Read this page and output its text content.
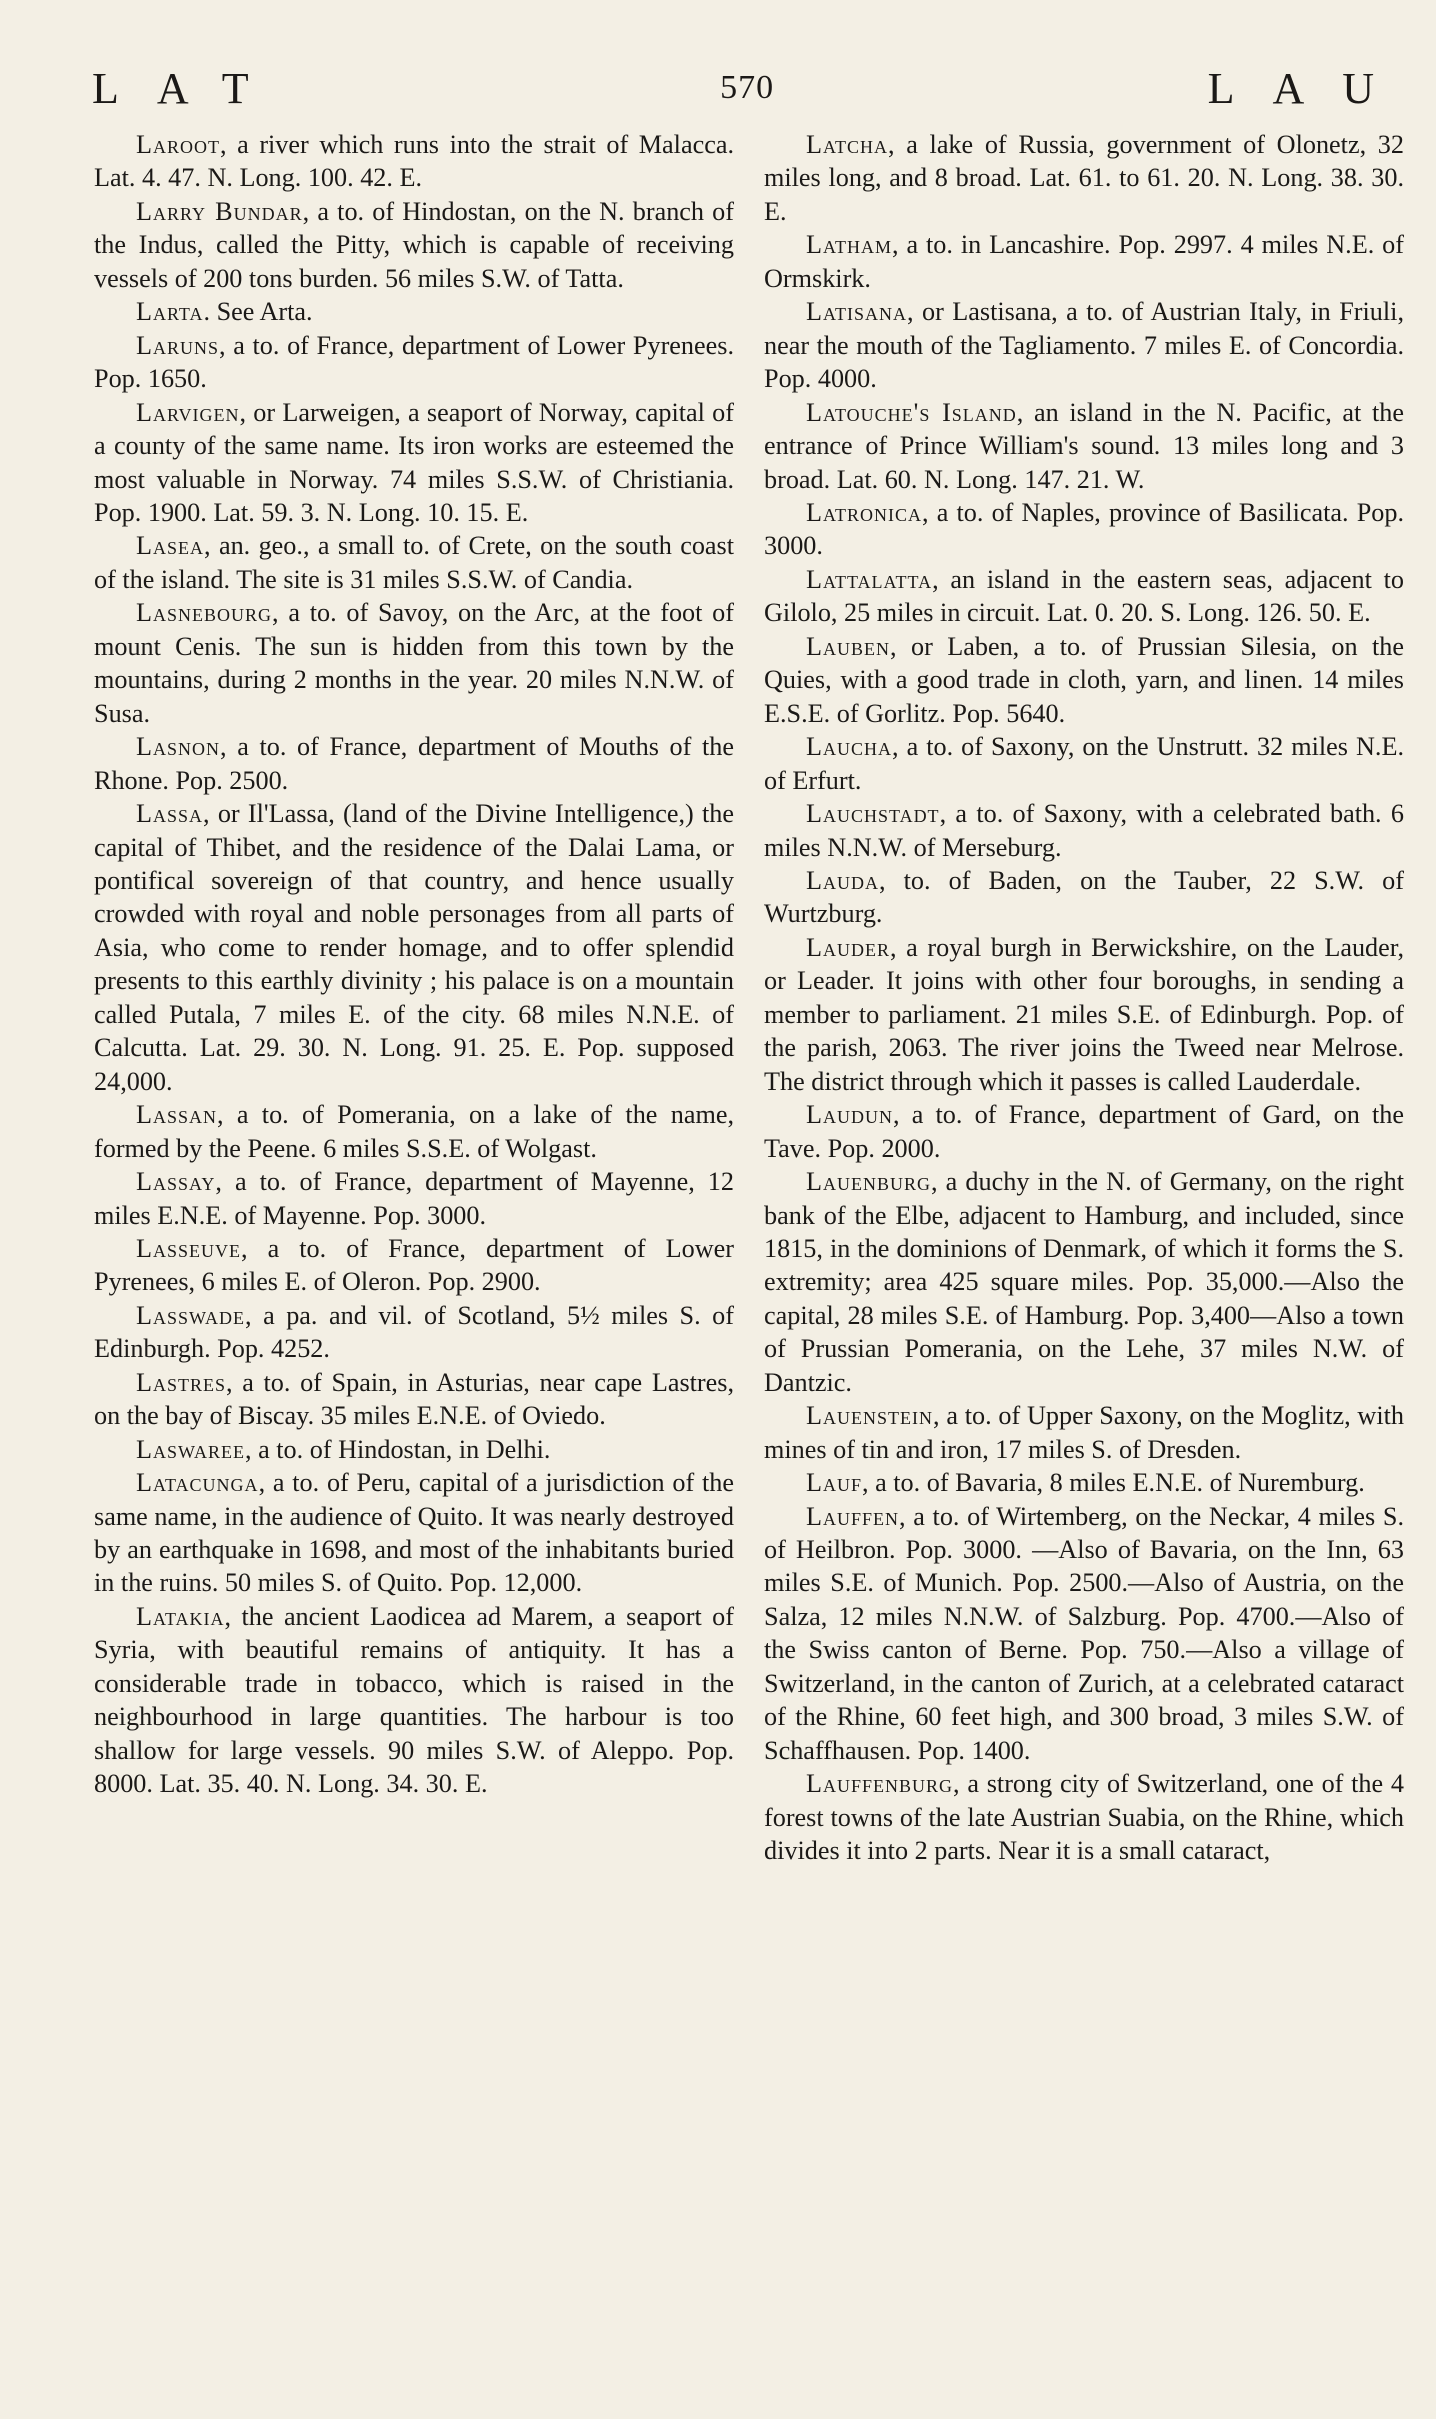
LAT	570	LAU

Laroot, a river which runs into the strait of Malacca. Lat. 4. 47. N. Long. 100. 42. E.

Larry Bundar, a to. of Hindostan, on the N. branch of the Indus, called the Pitty, which is capable of receiving vessels of 200 tons burden. 56 miles S.W. of Tatta.

Larta. See Arta.

Laruns, a to. of France, department of Lower Pyrenees. Pop. 1650.

Larvigen, or Larweigen, a seaport of Norway, capital of a county of the same name. Its iron works are esteemed the most valuable in Norway. 74 miles S.S.W. of Christiania. Pop. 1900. Lat. 59. 3. N. Long. 10. 15. E.

Lasea, an. geo., a small to. of Crete, on the south coast of the island. The site is 31 miles S.S.W. of Candia.

Lasnebourg, a to. of Savoy, on the Arc, at the foot of mount Cenis. The sun is hidden from this town by the mountains, during 2 months in the year. 20 miles N.N.W. of Susa.

Lasnon, a to. of France, department of Mouths of the Rhone. Pop. 2500.

Lassa, or Il'Lassa, (land of the Divine Intelligence,) the capital of Thibet, and the residence of the Dalai Lama, or pontifical sovereign of that country, and hence usually crowded with royal and noble personages from all parts of Asia, who come to render homage, and to offer splendid presents to this earthly divinity ; his palace is on a mountain called Putala, 7 miles E. of the city. 68 miles N.N.E. of Calcutta. Lat. 29. 30. N. Long. 91. 25. E. Pop. supposed 24,000.

Lassan, a to. of Pomerania, on a lake of the name, formed by the Peene. 6 miles S.S.E. of Wolgast.

Lassay, a to. of France, department of Mayenne, 12 miles E.N.E. of Mayenne. Pop. 3000.

Lasseuve, a to. of France, department of Lower Pyrenees, 6 miles E. of Oleron. Pop. 2900.

Lasswade, a pa. and vil. of Scotland, 5½ miles S. of Edinburgh. Pop. 4252.

Lastres, a to. of Spain, in Asturias, near cape Lastres, on the bay of Biscay. 35 miles E.N.E. of Oviedo.

Laswaree, a to. of Hindostan, in Delhi.

Latacunga, a to. of Peru, capital of a jurisdiction of the same name, in the audience of Quito. It was nearly destroyed by an earthquake in 1698, and most of the inhabitants buried in the ruins. 50 miles S. of Quito. Pop. 12,000.

Latakia, the ancient Laodicea ad Marem, a seaport of Syria, with beautiful remains of antiquity. It has a considerable trade in tobacco, which is raised in the neighbourhood in large quantities. The harbour is too shallow for large vessels. 90 miles S.W. of Aleppo. Pop. 8000. Lat. 35. 40. N. Long. 34. 30. E.

Latcha, a lake of Russia, government of Olonetz, 32 miles long, and 8 broad. Lat. 61. to 61. 20. N. Long. 38. 30. E.

Latham, a to. in Lancashire. Pop. 2997. 4 miles N.E. of Ormskirk.

Latisana, or Lastisana, a to. of Austrian Italy, in Friuli, near the mouth of the Tagliamento. 7 miles E. of Concordia. Pop. 4000.

Latouche's Island, an island in the N. Pacific, at the entrance of Prince William's sound. 13 miles long and 3 broad. Lat. 60. N. Long. 147. 21. W.

Latronica, a to. of Naples, province of Basilicata. Pop. 3000.

Lattalatta, an island in the eastern seas, adjacent to Gilolo, 25 miles in circuit. Lat. 0. 20. S. Long. 126. 50. E.

Lauben, or Laben, a to. of Prussian Silesia, on the Quies, with a good trade in cloth, yarn, and linen. 14 miles E.S.E. of Gorlitz. Pop. 5640.

Laucha, a to. of Saxony, on the Unstrutt. 32 miles N.E. of Erfurt.

Lauchstadt, a to. of Saxony, with a celebrated bath. 6 miles N.N.W. of Merseburg.

Lauda, to. of Baden, on the Tauber, 22 S.W. of Wurtzburg.

Lauder, a royal burgh in Berwickshire, on the Lauder, or Leader. It joins with other four boroughs, in sending a member to parliament. 21 miles S.E. of Edinburgh. Pop. of the parish, 2063. The river joins the Tweed near Melrose. The district through which it passes is called Lauderdale.

Laudun, a to. of France, department of Gard, on the Tave. Pop. 2000.

Lauenburg, a duchy in the N. of Germany, on the right bank of the Elbe, adjacent to Hamburg, and included, since 1815, in the dominions of Denmark, of which it forms the S. extremity; area 425 square miles. Pop. 35,000.—Also the capital, 28 miles S.E. of Hamburg. Pop. 3,400—Also a town of Prussian Pomerania, on the Lehe, 37 miles N.W. of Dantzic.

Lauenstein, a to. of Upper Saxony, on the Moglitz, with mines of tin and iron, 17 miles S. of Dresden.

Lauf, a to. of Bavaria, 8 miles E.N.E. of Nuremburg.

Lauffen, a to. of Wirtemberg, on the Neckar, 4 miles S. of Heilbron. Pop. 3000. —Also of Bavaria, on the Inn, 63 miles S.E. of Munich. Pop. 2500.—Also of Austria, on the Salza, 12 miles N.N.W. of Salzburg. Pop. 4700.—Also of the Swiss canton of Berne. Pop. 750.—Also a village of Switzerland, in the canton of Zurich, at a celebrated cataract of the Rhine, 60 feet high, and 300 broad, 3 miles S.W. of Schaffhausen. Pop. 1400.

Lauffenburg, a strong city of Switzerland, one of the 4 forest towns of the late Austrian Suabia, on the Rhine, which divides it into 2 parts. Near it is a small cataract,
